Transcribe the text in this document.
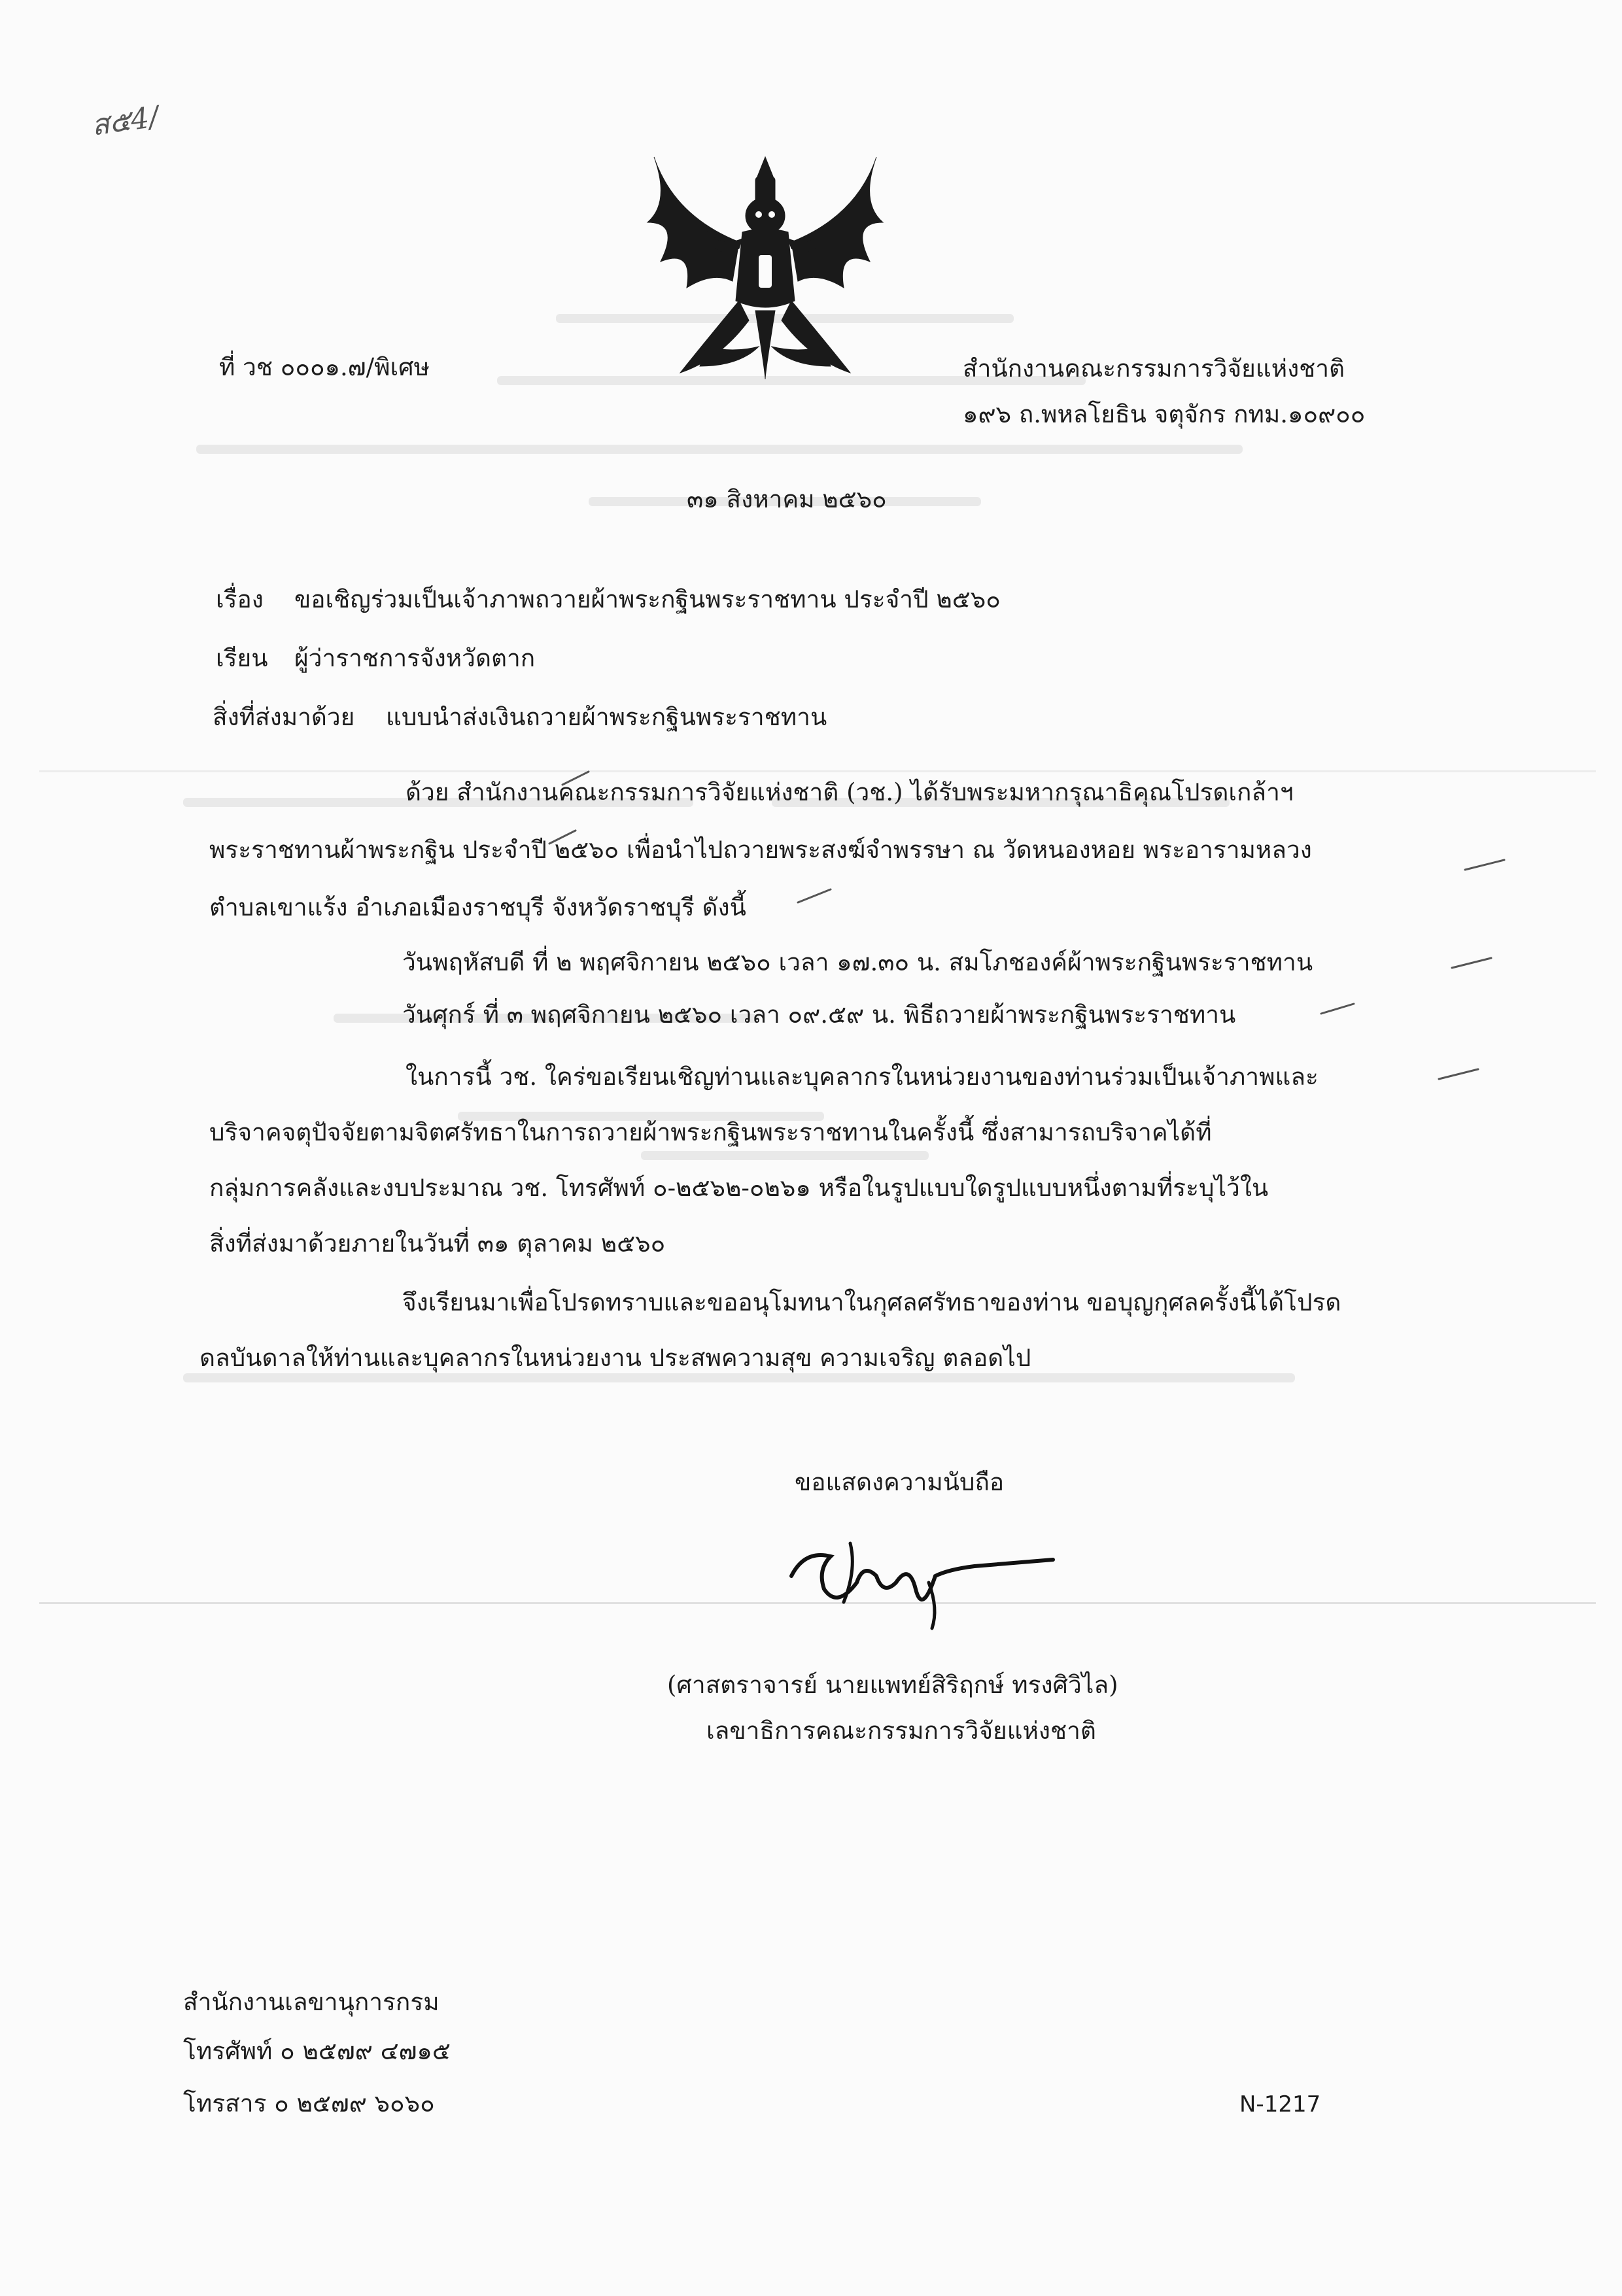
ส๕4/
ที่ วช ๐๐๐๑.๗/พิเศษ	สำนักงานคณะกรรมการวิจัยแห่งชาติ
๑๙๖ ถ.พหลโยธิน จตุจักร กทม.๑๐๙๐๐
๓๑ สิงหาคม ๒๕๖๐
เรื่อง ขอเชิญร่วมเป็นเจ้าภาพถวายผ้าพระกฐินพระราชทาน ประจำปี ๒๕๖๐
เรียน ผู้ว่าราชการจังหวัดตาก
สิ่งที่ส่งมาด้วย แบบนำส่งเงินถวายผ้าพระกฐินพระราชทาน
ด้วย สำนักงานคณะกรรมการวิจัยแห่งชาติ (วช.) ได้รับพระมหากรุณาธิคุณโปรดเกล้าฯ
พระราชทานผ้าพระกฐิน ประจำปี ๒๕๖๐ เพื่อนำไปถวายพระสงฆ์จำพรรษา ณ วัดหนองหอย พระอารามหลวง
ตำบลเขาแร้ง อำเภอเมืองราชบุรี จังหวัดราชบุรี ดังนี้
วันพฤหัสบดี ที่ ๒ พฤศจิกายน ๒๕๖๐ เวลา ๑๗.๓๐ น. สมโภชองค์ผ้าพระกฐินพระราชทาน
วันศุกร์ ที่ ๓ พฤศจิกายน ๒๕๖๐ เวลา ๐๙.๕๙ น. พิธีถวายผ้าพระกฐินพระราชทาน
ในการนี้ วช. ใคร่ขอเรียนเชิญท่านและบุคลากรในหน่วยงานของท่านร่วมเป็นเจ้าภาพและ
บริจาคจตุปัจจัยตามจิตศรัทธาในการถวายผ้าพระกฐินพระราชทานในครั้งนี้ ซึ่งสามารถบริจาคได้ที่
กลุ่มการคลังและงบประมาณ วช. โทรศัพท์ ๐-๒๕๖๒-๐๒๖๑ หรือในรูปแบบใดรูปแบบหนึ่งตามที่ระบุไว้ใน
สิ่งที่ส่งมาด้วยภายในวันที่ ๓๑ ตุลาคม ๒๕๖๐
จึงเรียนมาเพื่อโปรดทราบและขออนุโมทนาในกุศลศรัทธาของท่าน ขอบุญกุศลครั้งนี้ได้โปรด
ดลบันดาลให้ท่านและบุคลากรในหน่วยงาน ประสพความสุข ความเจริญ ตลอดไป
ขอแสดงความนับถือ
(ศาสตราจารย์ นายแพทย์สิริฤกษ์ ทรงศิวิไล)
เลขาธิการคณะกรรมการวิจัยแห่งชาติ
สำนักงานเลขานุการกรม
โทรศัพท์ ๐ ๒๕๗๙ ๔๗๑๕
โทรสาร ๐ ๒๕๗๙ ๖๐๖๐	N-1217
